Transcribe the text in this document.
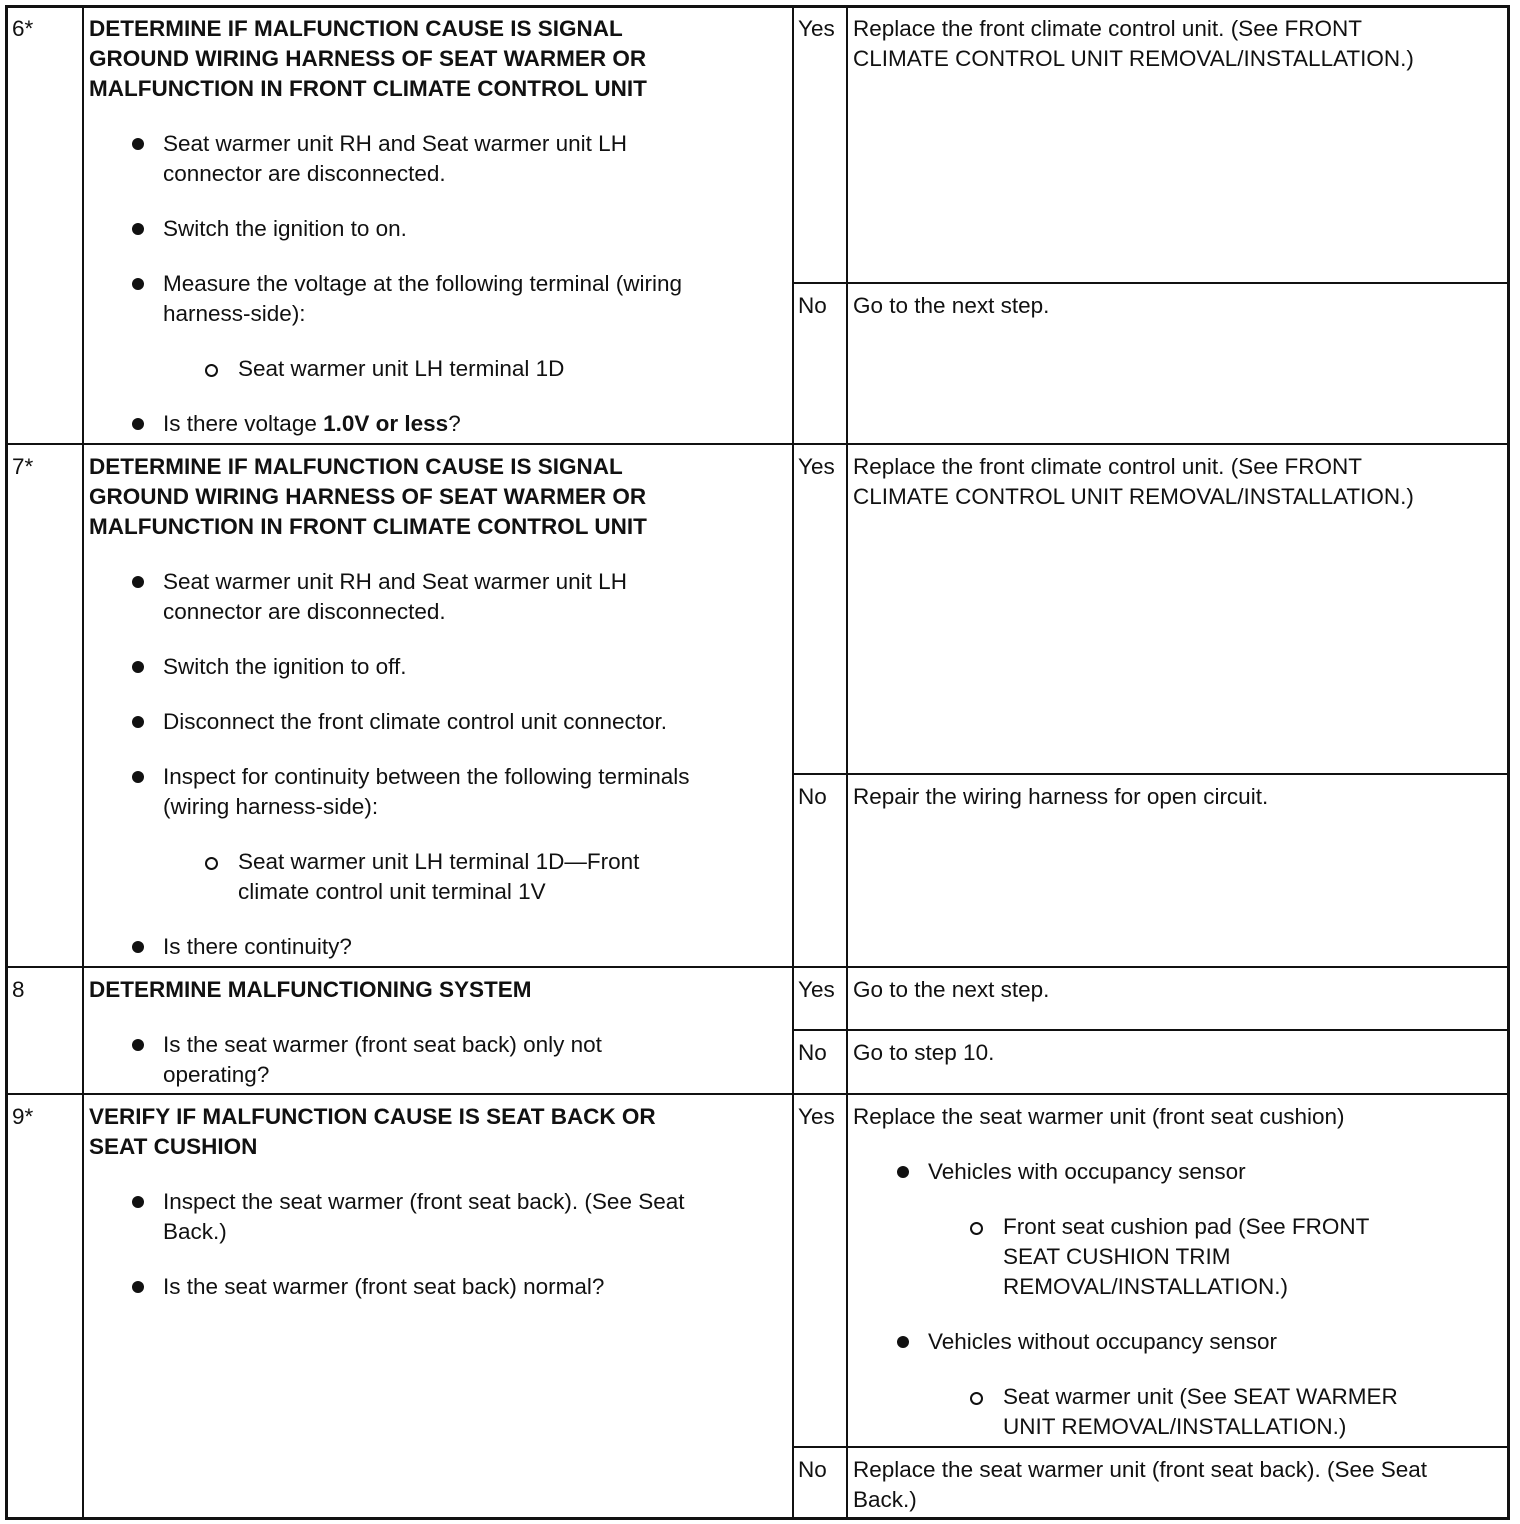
6* DETERMINE IF MALFUNCTION CAUSE IS SIGNAL
GROUND WIRING HARNESS OF SEAT WARMER OR
MALFUNCTION IN FRONT CLIMATE CONTROL UNIT
Seat warmer unit RH and Seat warmer unit LH
connector are disconnected.
Switch the ignition to on.
Measure the voltage at the following terminal (wiring
harness-side):
Seat warmer unit LH terminal 1D
Is there voltage 1.0V or less?
Yes Replace the front climate control unit. (See FRONT
CLIMATE CONTROL UNIT REMOVAL/INSTALLATION.)
No Go to the next step.
7* DETERMINE IF MALFUNCTION CAUSE IS SIGNAL
GROUND WIRING HARNESS OF SEAT WARMER OR
MALFUNCTION IN FRONT CLIMATE CONTROL UNIT
Seat warmer unit RH and Seat warmer unit LH
connector are disconnected.
Switch the ignition to off.
Disconnect the front climate control unit connector.
Inspect for continuity between the following terminals
(wiring harness-side):
Seat warmer unit LH terminal 1D—Front
climate control unit terminal 1V
Is there continuity?
Yes Replace the front climate control unit. (See FRONT
CLIMATE CONTROL UNIT REMOVAL/INSTALLATION.)
No Repair the wiring harness for open circuit.
8	DETERMINE MALFUNCTIONING SYSTEM
Is the seat warmer (front seat back) only not
operating?
Yes Go to the next step.
No Go to step 10.
9* VERIFY IF MALFUNCTION CAUSE IS SEAT BACK OR
SEAT CUSHION
Inspect the seat warmer (front seat back). (See Seat
Back.)
Is the seat warmer (front seat back) normal?
Yes Replace the seat warmer unit (front seat cushion)
Vehicles with occupancy sensor
Front seat cushion pad (See FRONT
SEAT CUSHION TRIM
REMOVAL/INSTALLATION.)
Vehicles without occupancy sensor
Seat warmer unit (See SEAT WARMER
UNIT REMOVAL/INSTALLATION.)
No Replace the seat warmer unit (front seat back). (See Seat
Back.)
